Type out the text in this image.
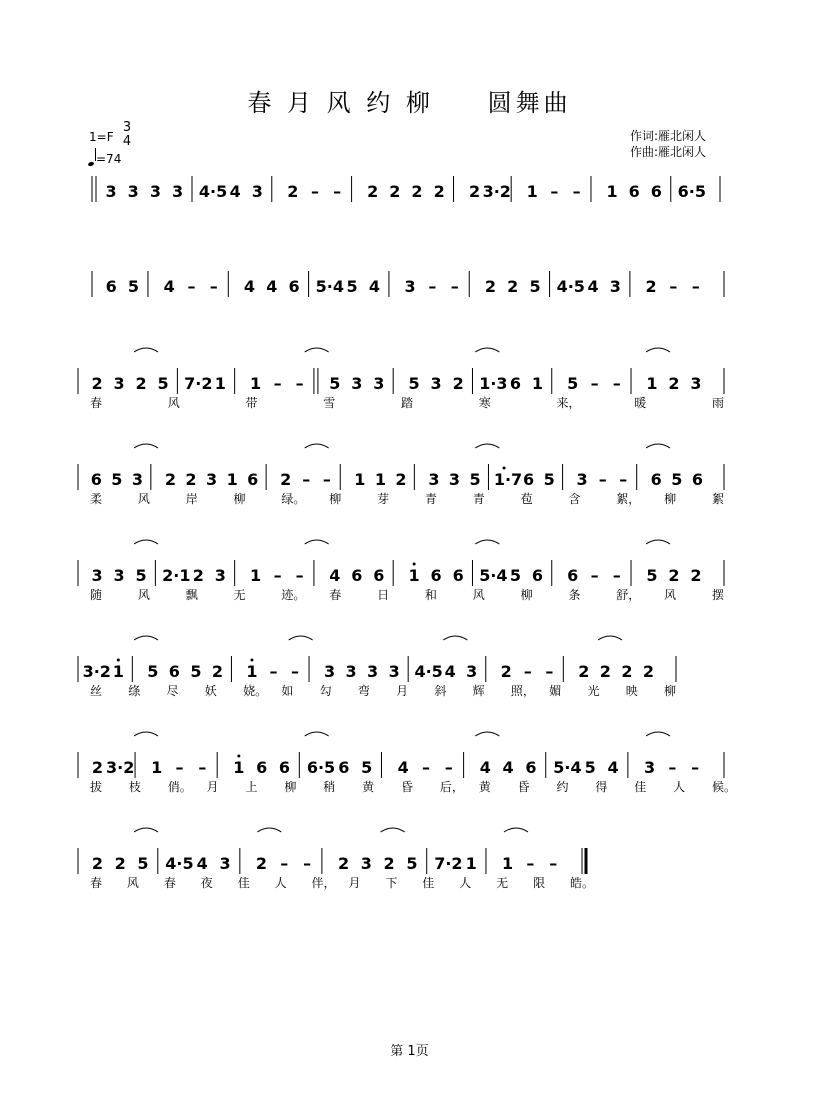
春 月 风 约 柳 圆舞曲
1=F
3
4
=74
作词:雁北闲人
作曲:雁北闲人
3 3 3 3 4·5 4 3 2 – – 2 2 2 2 2 3·2 1 – – 1 6 6 6·5
6 5 4 – – 4 4 6 5·4 5 4 3 – – 2 2 5 4·5 4 3 2 – –
2 3 2 5 7·2 1 1 – – 5 3 3 5 3 2 1·3 6 1 5 – – 1 2 3
春	风	带	雪	踏	寒	来，	暖	雨
6 5 3 2 2 3 1 6 2 – – 1 1 2 3 3 5 1·7 6 5 3 – – 6 5 6
柔	风	岸	柳	绿。 柳	芽	青	青	苞	含	絮， 柳	絮
3 3 5 2·1 2 3 1 – – 4 6 6 1 6 6 5·4 5 6 6 – – 5 2 2
随	风	飘	无	迹。 春	日	和	风	柳	条	舒， 风	摆
3·2 1 5 6 5 2 1 – – 3 3 3 3 4·5 4 3 2 – – 2 2 2 2
丝 绦 尽 妖 娆。 如 勾 弯 月 斜 辉 照， 媚 光 映 柳
2 3·2 1 – – 1 6 6 6·5 6 5 4 – – 4 4 6 5·4 5 4 3 – –
拔 枝 俏。 月 上 柳 稍 黄 昏 后， 黄 昏 约 得 佳 人 候。
2 2 5 4·5 4 3 2 – – 2 3 2 5 7·2 1 1 – –
春 风 春 夜 佳 人 伴， 月 下 佳 人 无 限 皓。
第 1页
